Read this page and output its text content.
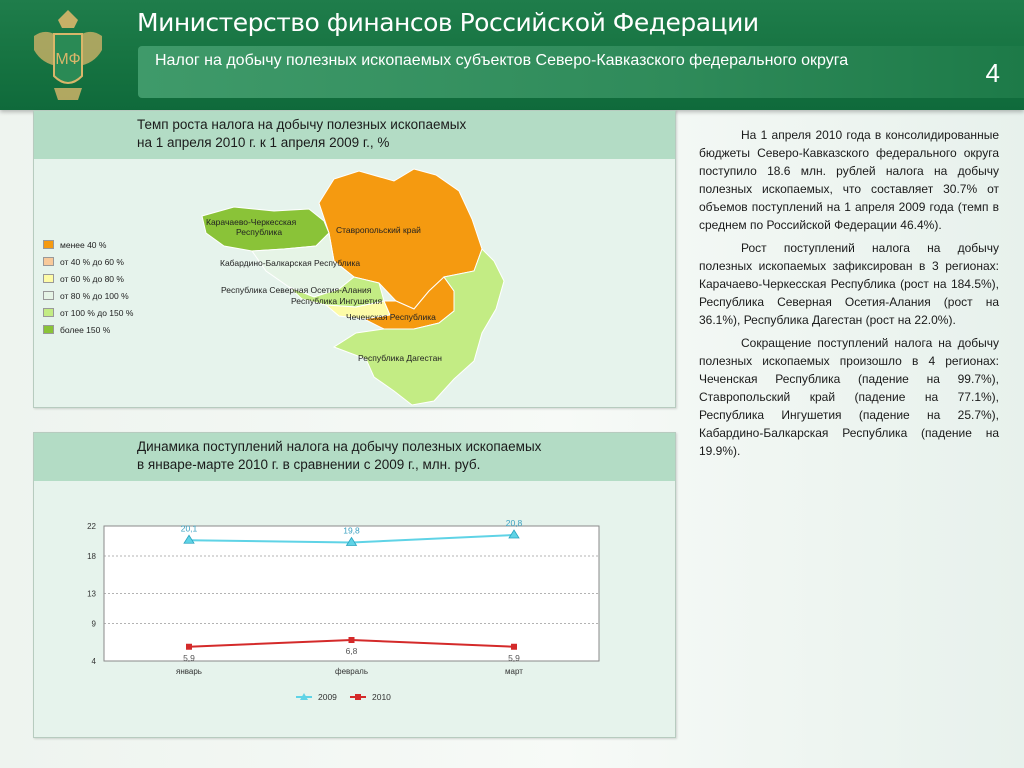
МФ
Министерство финансов Российской Федерации
Налог на добычу полезных ископаемых субъектов Северо-Кавказского федерального округа	4
Темп роста налога на добычу полезных ископаемых
на 1 апреля 2010 г. к 1 апреля 2009 г., %
менее 40 %
от 40 % до 60 %
от 60 % до 80 %
от 80 % до 100 %
от 100 % до 150 %
более 150 %
Карачаево-Черкесская Республика	Ставропольский край
Кабардино-Балкарская Республика
Республика Северная Осетия-Алания
Республика Ингушетия
Чеченская Республика
Республика Дагестан
Динамика поступлений налога на добычу полезных ископаемых
в январе-марте 2010 г. в сравнении с 2009 г., млн. руб.
4
9
13
18
22
январь	февраль	март
20,1	19,8
20,8
5,9
6,8
5,9
2009	2010

На 1 апреля 2010 года в консолидированные бюджеты Северо-Кавказского федерального округа поступило 18.6 млн. рублей налога на добычу полезных ископаемых, что составляет 30.7% от объемов поступлений на 1 апреля 2009 года (темп в среднем по Российской Федерации 46.4%).

Рост поступлений налога на добычу полезных ископаемых зафиксирован в 3 регионах: Карачаево-Черкесская Республика (рост на 184.5%), Республика Северная Осетия-Алания (рост на 36.1%), Республика Дагестан (рост на 22.0%).

Сокращение поступлений налога на добычу полезных ископаемых произошло в 4 регионах: Чеченская Республика (падение на 99.7%), Ставропольский край (падение на 77.1%), Республика Ингушетия (падение на 25.7%), Кабардино-Балкарская Республика (падение на 19.9%).
